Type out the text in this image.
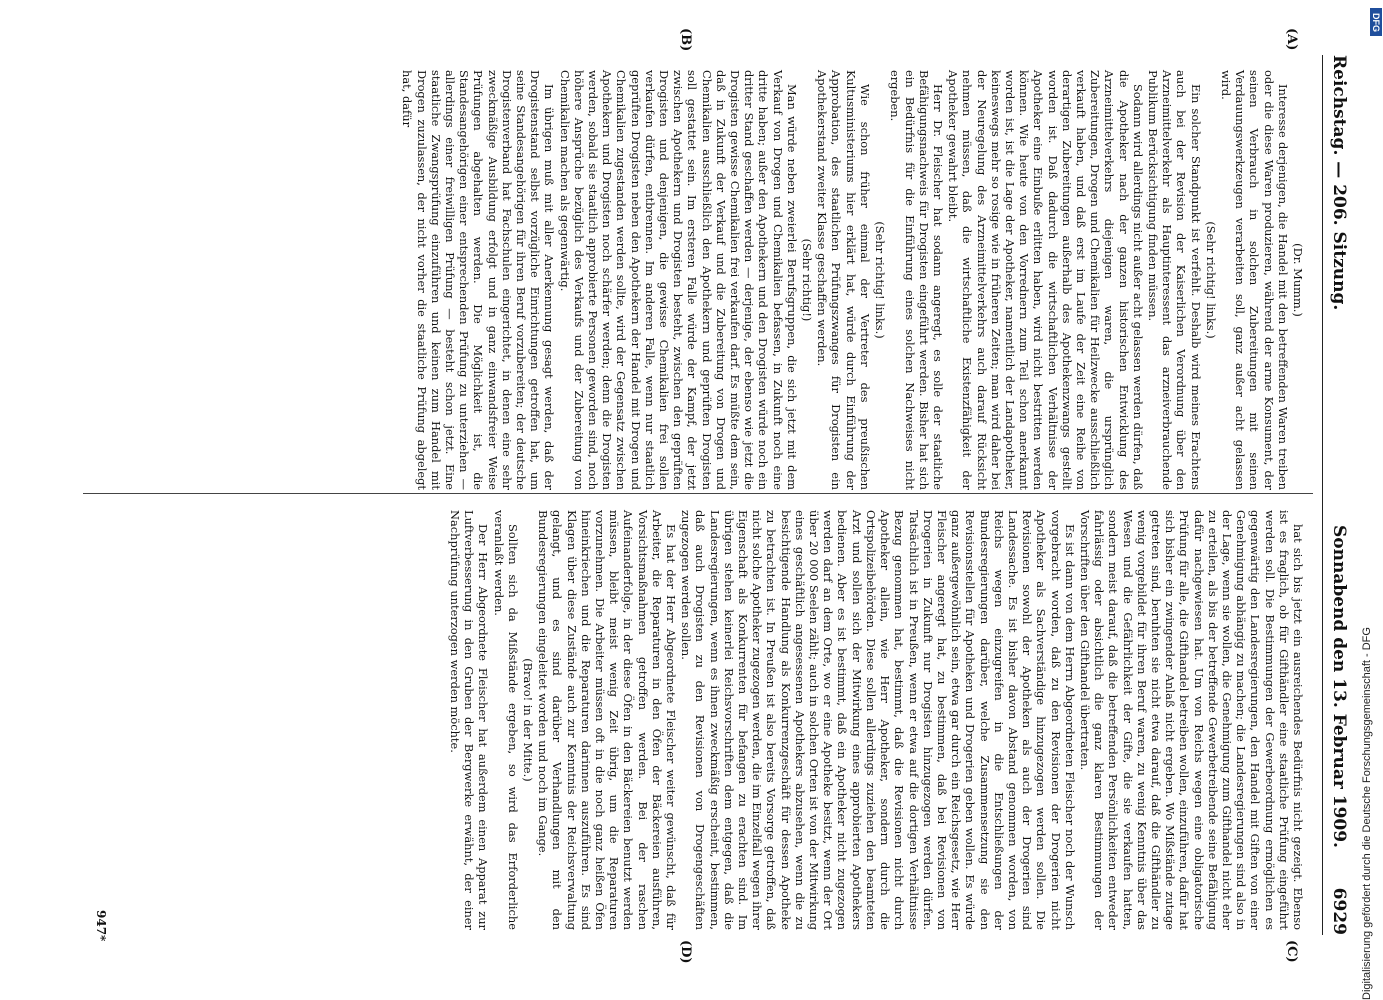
Reichstag. — 206. Sitzung.
Sonnabend den 13. Februar 1909.
6929
(A)
(B)
(C)
(D)

(Dr. Mumm.)

Interesse derjenigen, die Handel mit den betreffenden Waren treiben oder die diese Waren produzieren, während der arme Konsument, der seinen Verbrauch in solchen Zubereitungen mit seinen Verdauungswerkzeugen verarbeiten soll, ganz außer acht gelassen wird.

(Sehr richtig! links.)

Ein solcher Standpunkt ist verfehlt. Deshalb wird meines Erachtens auch bei der Revision der Kaiserlichen Verordnung über den Arzneimittelverkehr als Hauptinteressent das arzneiverbrauchende Publikum Berücksichtigung finden müssen.

Sodann wird allerdings nicht außer acht gelassen werden dürfen, daß die Apotheker nach der ganzen historischen Entwicklung des Arzneimittelverkehrs diejenigen waren, die ursprünglich Zubereitungen, Drogen und Chemikalien für Heilzwecke ausschließlich verkauft haben, und daß erst im Laufe der Zeit eine Reihe von derartigen Zubereitungen außerhalb des Apothekenzwangs gestellt worden ist. Daß dadurch die wirtschaftlichen Verhältnisse der Apotheker eine Einbuße erlitten haben, wird nicht bestritten werden können. Wie heute von den Vorrednern zum Teil schon anerkannt worden ist, ist die Lage der Apotheker, namentlich der Landapotheker, keineswegs mehr so rosige wie in früheren Zeiten; man wird daher bei der Neuregelung des Arzneimittelverkehrs auch darauf Rücksicht nehmen müssen, daß die wirtschaftliche Existenzfähigkeit der Apotheker gewahrt bleibt.

Herr Dr. Fleischer hat sodann angeregt, es solle der staatliche Befähigungsnachweis für Drogisten eingeführt werden. Bisher hat sich ein Bedürfnis für die Einführung eines solchen Nachweises nicht ergeben.

(Sehr richtig! links.)

Wie schon früher einmal der Vertreter des preußischen Kultusministeriums hier erklärt hat, würde durch Einführung der Approbation, des staatlichen Prüfungszwanges für Drogisten ein Apothekerstand zweiter Klasse geschaffen werden.

(Sehr richtig!)

Man würde neben zweierlei Berufsgruppen, die sich jetzt mit dem Verkauf von Drogen und Chemikalien befassen, in Zukunft noch eine dritte haben; außer den Apothekern und den Drogisten würde noch ein dritter Stand geschaffen werden — derjenige, der ebenso wie jetzt die Drogisten gewisse Chemikalien frei verkaufen darf. Es müßte dem sein, daß in Zukunft der Verkauf und die Zubereitung von Drogen und Chemikalien ausschließlich den Apothekern und geprüften Drogisten soll gestattet sein. Im ersteren Falle würde der Kampf, der jetzt zwischen Apothekern und Drogisten besteht, zwischen den geprüften Drogisten und denjenigen, die gewisse Chemikalien frei sollen verkaufen dürfen, entbrennen. Im anderen Falle, wenn nur staatlich geprüften Drogisten neben den Apothekern der Handel mit Drogen und Chemikalien zugestanden werden sollte, wird der Gegensatz zwischen Apothekern und Drogisten noch schärfer werden; denn die Drogisten werden, sobald sie staatlich approbierte Personen geworden sind, noch höhere Ansprüche bezüglich des Verkaufs und der Zubereitung von Chemikalien machen als gegenwärtig.

Im übrigen muß mit aller Anerkennung gesagt werden, daß der Drogistenstand selbst vorzügliche Einrichtungen getroffen hat, um seine Standesangehörigen für ihren Beruf vorzubereiten; der deutsche Drogistenverband hat Fachschulen eingerichtet, in denen eine sehr zweckmäßige Ausbildung erfolgt und in ganz einwandsfreier Weise Prüfungen abgehalten werden. Die Möglichkeit ist, die Standesangehörigen einer entsprechenden Prüfung zu unterziehen — allerdings einer freiwilligen Prüfung — besteht schon jetzt. Eine staatliche Zwangsprüfung einzuführen und keinen zum Handel mit Drogen zuzulassen, der nicht vorher die staatliche Prüfung abgelegt hat, dafür

hat sich bis jetzt ein ausreichendes Bedürfnis nicht gezeigt. Ebenso ist es fraglich, ob für Gifthändler eine staatliche Prüfung eingeführt werden soll. Die Bestimmungen der Gewerbeordnung ermöglichen es gegenwärtig den Landesregierungen, den Handel mit Giften von einer Genehmigung abhängig zu machen; die Landesregierungen sind also in der Lage, wenn sie wollen, die Genehmigung zum Gifthandel nicht eher zu erteilen, als bis der betreffende Gewerbetreibende seine Befähigung dafür nachgewiesen hat. Um von Reichs wegen eine obligatorische Prüfung für alle, die Gifthandel betreiben wollen, einzuführen, dafür hat sich bisher ein zwingender Anlaß nicht ergeben. Wo Mißstände zutage getreten sind, beruhten sie nicht etwa darauf, daß die Gifthändler zu wenig vorgebildet für ihren Beruf waren, zu wenig Kenntnis über das Wesen und die Gefährlichkeit der Gifte, die sie verkaufen hatten, sondern meist darauf, daß die betreffenden Persönlichkeiten entweder fahrlässig oder absichtlich die ganz klaren Bestimmungen der Vorschriften über den Gifthandel übertraten.

Es ist dann von dem Herrn Abgeordneten Fleischer noch der Wunsch vorgebracht worden, daß zu den Revisionen der Drogerien nicht Apotheker als Sachverständige hinzugezogen werden sollen. Die Revisionen sowohl der Apotheken als auch der Drogerien sind Landessache. Es ist bisher davon Abstand genommen worden, von Reichs wegen einzugreifen in die Entschließungen der Bundesregierungen darüber, welche Zusammensetzung sie den Revisionsstellen für Apotheken und Drogerien geben wollen. Es würde ganz außergewöhnlich sein, etwa gar durch ein Reichsgesetz, wie Herr Fleischer angeregt hat, zu bestimmen, daß bei Revisionen von Drogerien in Zukunft nur Drogisten hinzugezogen werden dürfen. Tatsächlich ist in Preußen, wenn er etwa auf die dortigen Verhältnisse Bezug genommen hat, bestimmt, daß die Revisionen nicht durch Apotheker allein, wie Herr Apotheker, sondern durch die Ortspolizeibehörden. Diese sollen allerdings zuziehen den beamteten Arzt und sollen sich der Mitwirkung eines approbierten Apothekers bedienen. Aber es ist bestimmt, daß ein Apotheker nicht zugezogen werden darf an dem Orte, wo er eine Apotheke besitzt, wenn der Ort über 20 000 Seelen zählt; auch in solchen Orten ist von der Mitwirkung eines geschäftlich angesessenen Apothekers abzusehen, wenn die zu besichtigende Handlung als Konkurrenzgeschäft für dessen Apotheke zu betrachten ist. In Preußen ist also bereits Vorsorge getroffen, daß nicht solche Apotheker zugezogen werden, die im Einzelfall wegen ihrer Eigenschaft als Konkurrenten für befangen zu erachten sind. Im übrigen stehen keinerlei Reichsvorschriften dem entgegen, daß die Landesregierungen, wenn es ihnen zweckmäßig erscheint, bestimmen, daß auch Drogisten zu den Revisionen von Drogengeschäften zugezogen werden sollen.

Es hat der Herr Abgeordnete Fleischer weiter gewünscht, daß für Arbeiter, die Reparaturen in den Öfen der Bäckereien ausführen, Vorsichtsmaßnahmen getroffen werden. Bei der raschen Aufeinanderfolge, in der diese Öfen in den Bäckereien benutzt werden müssen, bleibt meist wenig Zeit übrig, um die Reparaturen vorzunehmen. Die Arbeiter müssen oft in die noch ganz heißen Öfen hineinkriechen und die Reparaturen darinnen auszuführen. Es sind Klagen über diese Zustände auch zur Kenntnis der Reichsverwaltung gelangt, und es sind darüber Verhandlungen mit den Bundesregierungen eingeleitet worden und noch im Gange.

(Bravo! in der Mitte.)

Sollten sich da Mißstände ergeben, so wird das Erforderliche veranlaßt werden.

Der Herr Abgeordnete Fleischer hat außerdem einen Apparat zur Luftverbesserung in den Gruben der Bergwerke erwähnt, der einer Nachprüfung unterzogen werden möchte.

947*	Digitalisierung gefördert durch die Deutsche Forschungsgemeinschaft - DFG
DFG
